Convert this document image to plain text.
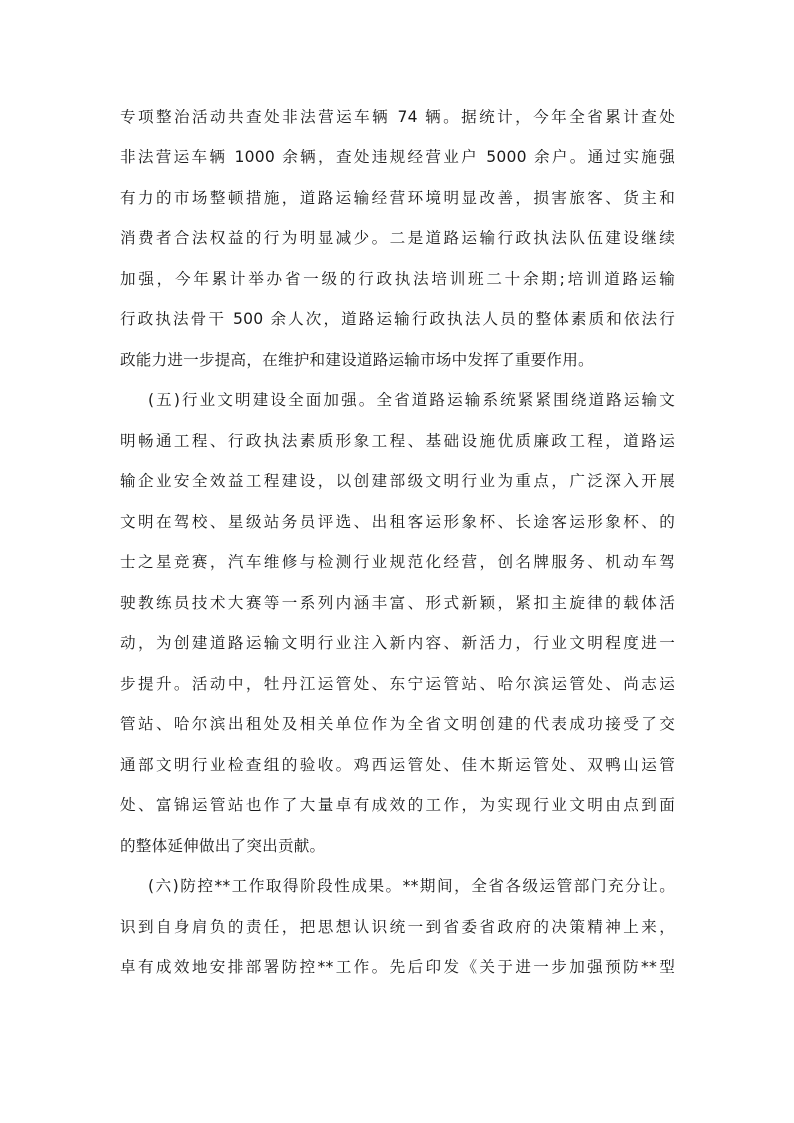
专项整治活动共查处非法营运车辆 74 辆。据统计，今年全省累计查处
非法营运车辆 1000 余辆，查处违规经营业户 5000 余户。通过实施强
有力的市场整顿措施，道路运输经营环境明显改善，损害旅客、货主和
消费者合法权益的行为明显减少。二是道路运输行政执法队伍建设继续
加强，今年累计举办省一级的行政执法培训班二十余期;培训道路运输
行政执法骨干 500 余人次，道路运输行政执法人员的整体素质和依法行
政能力进一步提高，在维护和建设道路运输市场中发挥了重要作用。
(五)行业文明建设全面加强。全省道路运输系统紧紧围绕道路运输文
明畅通工程、行政执法素质形象工程、基础设施优质廉政工程，道路运
输企业安全效益工程建设，以创建部级文明行业为重点，广泛深入开展
文明在驾校、星级站务员评选、出租客运形象杯、长途客运形象杯、的
士之星竞赛，汽车维修与检测行业规范化经营，创名牌服务、机动车驾
驶教练员技术大赛等一系列内涵丰富、形式新颖，紧扣主旋律的载体活
动，为创建道路运输文明行业注入新内容、新活力，行业文明程度进一
步提升。活动中，牡丹江运管处、东宁运管站、哈尔滨运管处、尚志运
管站、哈尔滨出租处及相关单位作为全省文明创建的代表成功接受了交
通部文明行业检查组的验收。鸡西运管处、佳木斯运管处、双鸭山运管
处、富锦运管站也作了大量卓有成效的工作，为实现行业文明由点到面
的整体延伸做出了突出贡献。
(六)防控**工作取得阶段性成果。**期间，全省各级运管部门充分让。
识到自身肩负的责任，把思想认识统一到省委省政府的决策精神上来，
卓有成效地安排部署防控**工作。先后印发《关于进一步加强预防**型
